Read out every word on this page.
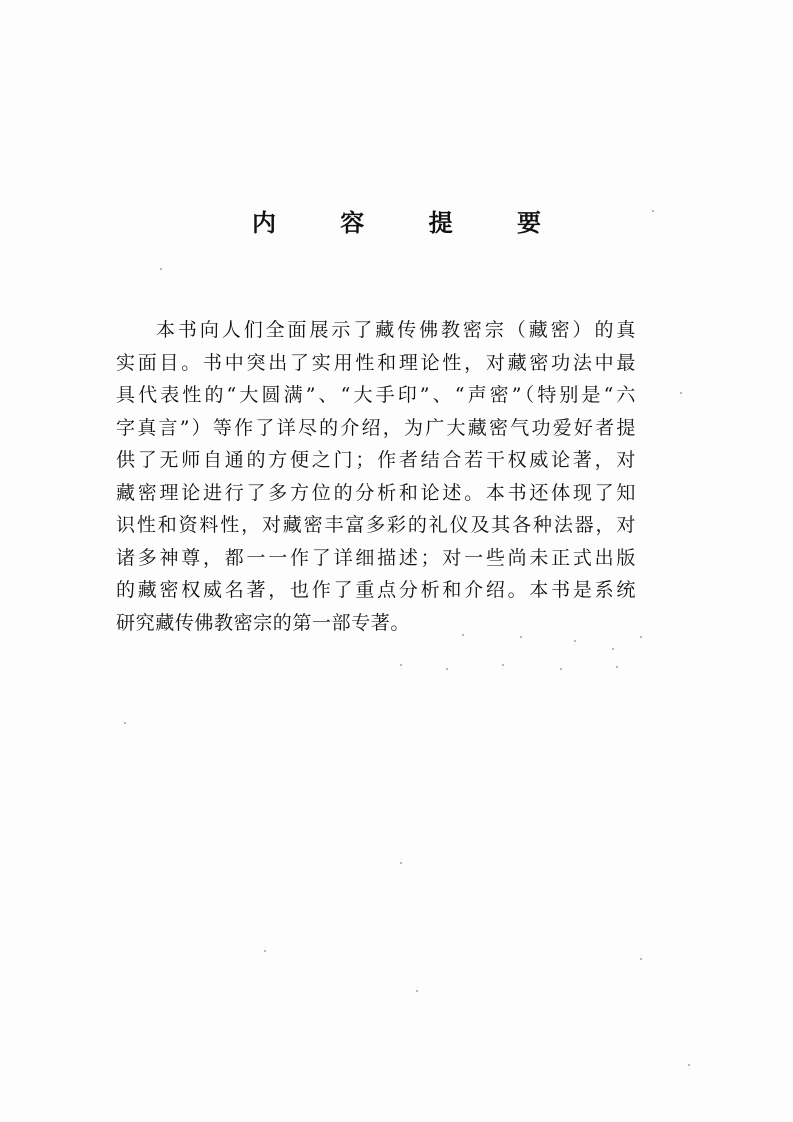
内 容 提 要
本书向人们全面展示了藏传佛教密宗（藏密）的真
实面目。书中突出了实用性和理论性，对藏密功法中最
具代表性的“大圆满”、“大手印”、“声密”（特别是“六
字真言”）等作了详尽的介绍，为广大藏密气功爱好者提
供了无师自通的方便之门；作者结合若干权威论著，对
藏密理论进行了多方位的分析和论述。本书还体现了知
识性和资料性，对藏密丰富多彩的礼仪及其各种法器，对
诸多神尊，都一一作了详细描述；对一些尚未正式出版
的藏密权威名著，也作了重点分析和介绍。本书是系统
研究藏传佛教密宗的第一部专著。
